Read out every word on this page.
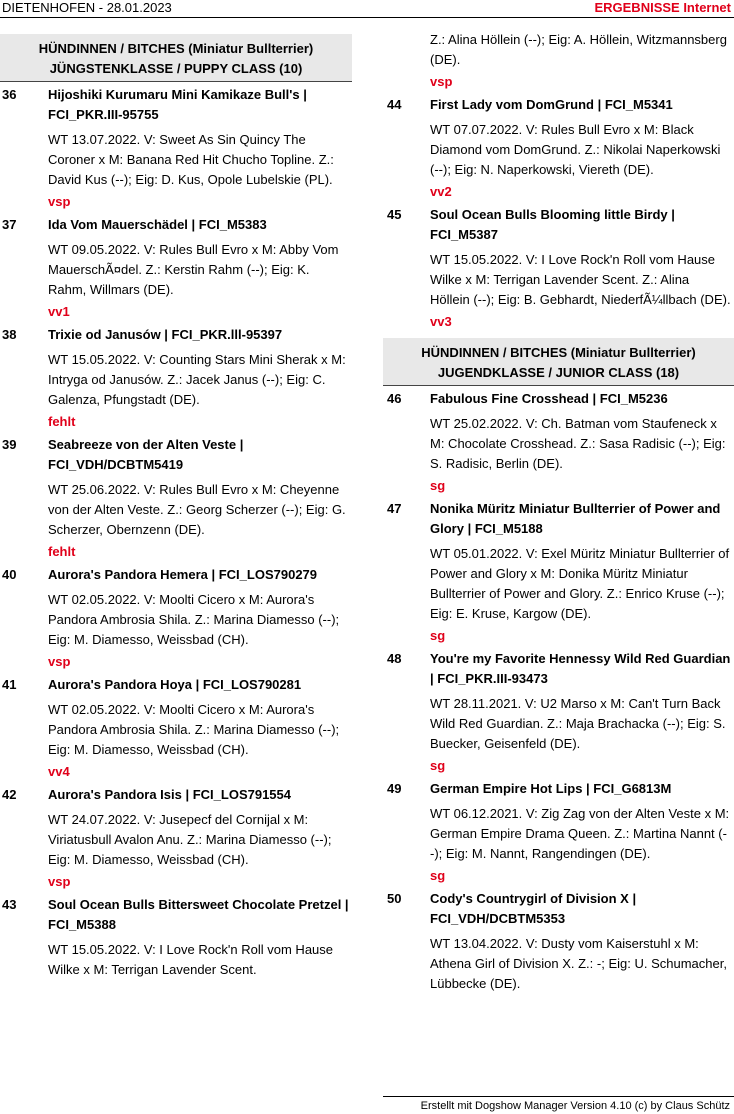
DIETENHOFEN - 28.01.2023	ERGEBNISSE Internet
HÜNDINNEN / BITCHES (Miniatur Bullterrier)
JÜNGSTENKLASSE / PUPPY CLASS (10)
36 Hijoshiki Kurumaru Mini Kamikaze Bull's | FCI_PKR.III-95755
WT 13.07.2022. V: Sweet As Sin Quincy The Coroner x M: Banana Red Hit Chucho Topline. Z.: David Kus (--); Eig: D. Kus, Opole Lubelskie (PL).
vsp
37 Ida Vom Mauerschädel | FCI_M5383
WT 09.05.2022. V: Rules Bull Evro x M: Abby Vom MauerschÃ¤del. Z.: Kerstin Rahm (--); Eig: K. Rahm, Willmars (DE).
vv1
38 Trixie od Janusów | FCI_PKR.lll-95397
WT 15.05.2022. V: Counting Stars Mini Sherak x M: Intryga od Janusów. Z.: Jacek Janus (--); Eig: C. Galenza, Pfungstadt (DE).
fehlt
39 Seabreeze von der Alten Veste | FCI_VDH/DCBTM5419
WT 25.06.2022. V: Rules Bull Evro x M: Cheyenne von der Alten Veste. Z.: Georg Scherzer (--); Eig: G. Scherzer, Obernzenn (DE).
fehlt
40 Aurora's Pandora Hemera | FCI_LOS790279
WT 02.05.2022. V: Moolti Cicero x M: Aurora's Pandora Ambrosia Shila. Z.: Marina Diamesso (--); Eig: M. Diamesso, Weissbad (CH).
vsp
41 Aurora's Pandora Hoya | FCI_LOS790281
WT 02.05.2022. V: Moolti Cicero x M: Aurora's Pandora Ambrosia Shila. Z.: Marina Diamesso (--); Eig: M. Diamesso, Weissbad (CH).
vv4
42 Aurora's Pandora Isis | FCI_LOS791554
WT 24.07.2022. V: Jusepecf del Cornijal x M: Viriatusbull Avalon Anu. Z.: Marina Diamesso (--); Eig: M. Diamesso, Weissbad (CH).
vsp
43 Soul Ocean Bulls Bittersweet Chocolate Pretzel | FCI_M5388
WT 15.05.2022. V: I Love Rock'n Roll vom Hause Wilke x M: Terrigan Lavender Scent.
Z.: Alina Höllein (--); Eig: A. Höllein, Witzmannsberg (DE).
vsp
44 First Lady vom DomGrund | FCI_M5341
WT 07.07.2022. V: Rules Bull Evro x M: Black Diamond vom DomGrund. Z.: Nikolai Naperkowski (--); Eig: N. Naperkowski, Viereth (DE).
vv2
45 Soul Ocean Bulls Blooming little Birdy | FCI_M5387
WT 15.05.2022. V: I Love Rock'n Roll vom Hause Wilke x M: Terrigan Lavender Scent. Z.: Alina Höllein (--); Eig: B. Gebhardt, NiederfÃ¼llbach (DE).
vv3
HÜNDINNEN / BITCHES (Miniatur Bullterrier)
JUGENDKLASSE / JUNIOR CLASS (18)
46 Fabulous Fine Crosshead | FCI_M5236
WT 25.02.2022. V: Ch. Batman vom Staufeneck x M: Chocolate Crosshead. Z.: Sasa Radisic (--); Eig: S. Radisic, Berlin (DE).
sg
47 Nonika Müritz Miniatur Bullterrier of Power and Glory | FCI_M5188
WT 05.01.2022. V: Exel Müritz Miniatur Bullterrier of Power and Glory x M: Donika Müritz Miniatur Bullterrier of Power and Glory. Z.: Enrico Kruse (--); Eig: E. Kruse, Kargow (DE).
sg
48 You're my Favorite Hennessy Wild Red Guardian | FCI_PKR.III-93473
WT 28.11.2021. V: U2 Marso x M: Can't Turn Back Wild Red Guardian. Z.: Maja Brachacka (--); Eig: S. Buecker, Geisenfeld (DE).
sg
49 German Empire Hot Lips | FCI_G6813M
WT 06.12.2021. V: Zig Zag von der Alten Veste x M: German Empire Drama Queen. Z.: Martina Nannt (--); Eig: M. Nannt, Rangendingen (DE).
sg
50 Cody's Countrygirl of Division X | FCI_VDH/DCBTM5353
WT 13.04.2022. V: Dusty vom Kaiserstuhl x M: Athena Girl of Division X. Z.: -; Eig: U. Schumacher, Lübbecke (DE).
Erstellt mit Dogshow Manager Version 4.10 (c) by Claus Schütz
